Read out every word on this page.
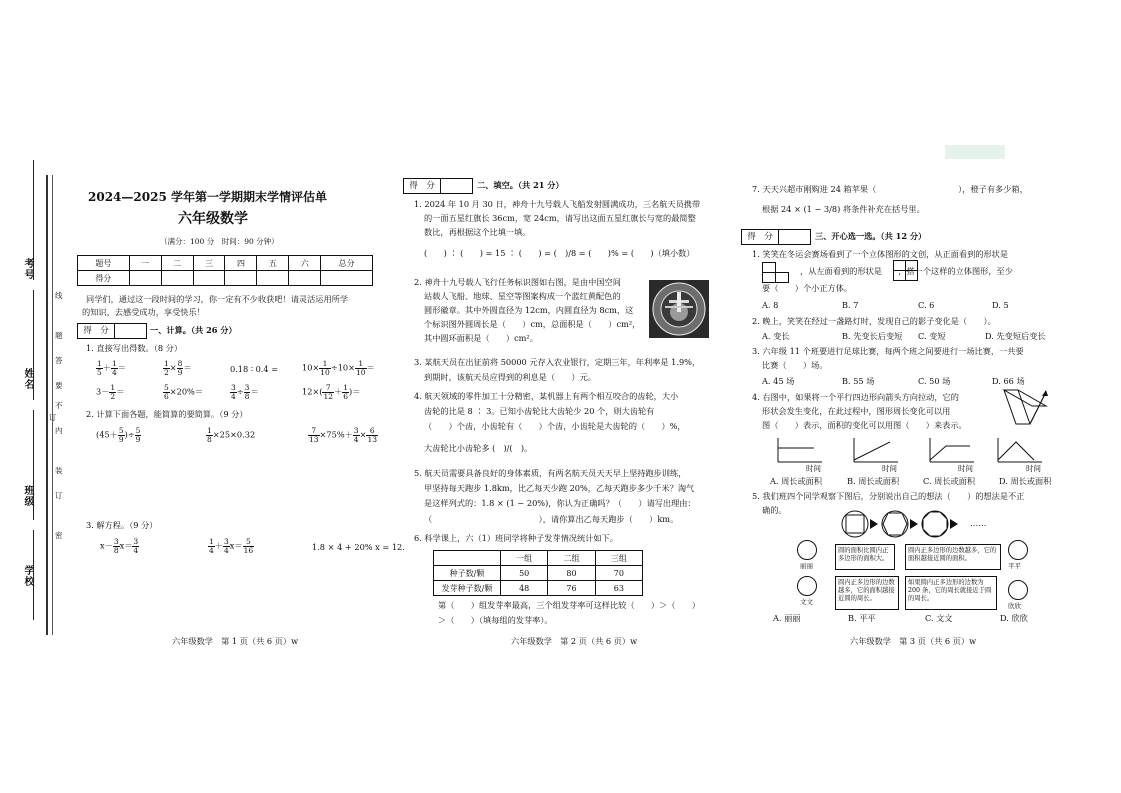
考号
姓名
班级
学校
线
题
答
要
不
订
内
装
订
密
2024—2025 学年第一学期期末学情评估单
六年级数学
（满分：100 分　时间：90 分钟）
题号	一	二	三	四	五	六	总分
得分							
同学们，通过这一段时间的学习，你一定有不少收获吧！请灵活运用所学
的知识，去感受成功，享受快乐！
得　分	一、计算。（共 26 分）
1. 直接写出得数。（8 分）
$\frac{1}{5} + \frac{1}{4}$ ＝	$\frac{1}{2} \times \frac{8}{9}$ ＝	0.18 ∶ 0.4 =	$10\times \frac{1}{10} \div 10\times \frac{1}{10}$ ＝
$3- \frac{1}{2}$ ＝	$\frac{5}{6} \times 20\%=$	$\frac{3}{4} \div \frac{3}{8}$ ＝	$12\times( \frac{7}{12} + \frac{1}{6}$ )＝
2. 计算下面各题，能简算的要简算。（9 分）
($45+ \frac{5}{9}$ )÷ $\frac{5}{9}$	$\frac{1}{8} \times 25\times 0.32$	$\frac{7}{13} \times 75\%+ \frac{3}{4} \times \frac{6}{13}$
3. 解方程。（9 分）
$x- \frac{3}{8} x= \frac{3}{4}$	$\frac{1}{4} + \frac{3}{4} x= \frac{5}{16}$	1.8 × 4 + 20% x = 12.
六年级数学　第 1 页（共 6 页）w
得　分	二、填空。（共 21 分）
1. 2024 年 10 月 30 日，神舟十九号载人飞船发射圆满成功，三名航天员携带
的一面五星红旗长 36cm，宽 24cm，请写出这面五星红旗长与宽的最简整
数比，再根据这个比填一填。
(　　) ∶ (　　) = 15 ∶ (　　) = (　)/8 = (　　)% = (　　)（填小数）
2. 神舟十九号载人飞行任务标识图如右图，是由中国空间
站载人飞船、地球、星空等图案构成一个蓝红黄配色的
圆形徽章。其中外圆直径为 12cm，内圆直径为 8cm，这
个标识图外圆周长是（　　）cm，总面积是（　　）cm²，
其中圆环面积是（　　）cm²。
3. 某航天员在出征前将 50000 元存入农业银行，定期三年，年利率是 1.9%，
到期时，该航天员应得到的利息是（　　）元。
4. 航天领域的零件加工十分精密，某机器上有两个相互咬合的齿轮，大小
齿轮的比是 8 ∶ 3。已知小齿轮比大齿轮少 20 个，则大齿轮有
（　　）个齿，小齿轮有（　　）个齿，小齿轮是大齿轮的（　　）%，
大齿轮比小齿轮多 (　)/(　)。
5. 航天员需要具备良好的身体素质，有两名航天员天天早上坚持跑步训练，
甲坚持每天跑步 1.8km，比乙每天少跑 20%，乙每天跑步多少千米？淘气
是这样列式的：1.8 × (1 − 20%)，你认为正确吗？（　　）请写出理由：
（　　　　　　　　　　　　　），请你算出乙每天跑步（　　）km。
6. 科学课上，六（1）班同学将种子发芽情况统计如下。
	一组	二组	三组
种子数/颗	50	80	70
发芽种子数/颗	48	76	63
第（　　）组发芽率最高，三个组发芽率可这样比较（　　）＞（　　）
＞（　　）（填每组的发芽率）。
六年级数学　第 2 页（共 6 页）w
7. 天天兴超市刚购进 24 箱苹果（　　　　　　　　　　），橙子有多少箱，
根据 24 × (1 − 3/8) 将条件补充在括号里。
得　分	三、开心选一选。（共 12 分）
1. 笑笑在冬运会赛场看到了一个立体图形的文创，从正面看到的形状是
，从左面看到的形状是　　，搭一个这样的立体图形，至少
要（　　）个小正方体。
A. 8	B. 7	C. 6	D. 5
2. 晚上，笑笑在经过一盏路灯时，发现自己的影子变化是（　　）。
A. 变长	B. 先变长后变短 C. 变短	D. 先变短后变长
3. 六年级 11 个班要进行足球比赛，每两个班之间要进行一场比赛，一共要
比赛（　　）场。
A. 45 场	B. 55 场	C. 50 场	D. 66 场
4. 右图中，如果将一个平行四边形向箭头方向拉动，它的
形状会发生变化，在此过程中，图形周长变化可以用
图（　　）表示，面积的变化可以用图（　　）来表示。
时间	时间	时间	时间
A. 周长或面积	B. 周长或面积	C. 周长或面积	D. 周长或面积
5. 我们班四个同学观察下图后，分别说出自己的想法（　　）的想法是不正
确的。
……
丽丽
圆的面积比圆内正多边形的面积大。
平平
圆内正多边形的边数越多，它的面积越接近圆的面积。
文文
圆内正多边形的边数越多，它的面积越接近圆的周长。
欣欣
如果圆内正多边形的边数为 200 条，它的周长就接近于圆的周长。
A. 丽丽	B. 平平	C. 文文	D. 欣欣
六年级数学　第 3 页（共 6 页）w
